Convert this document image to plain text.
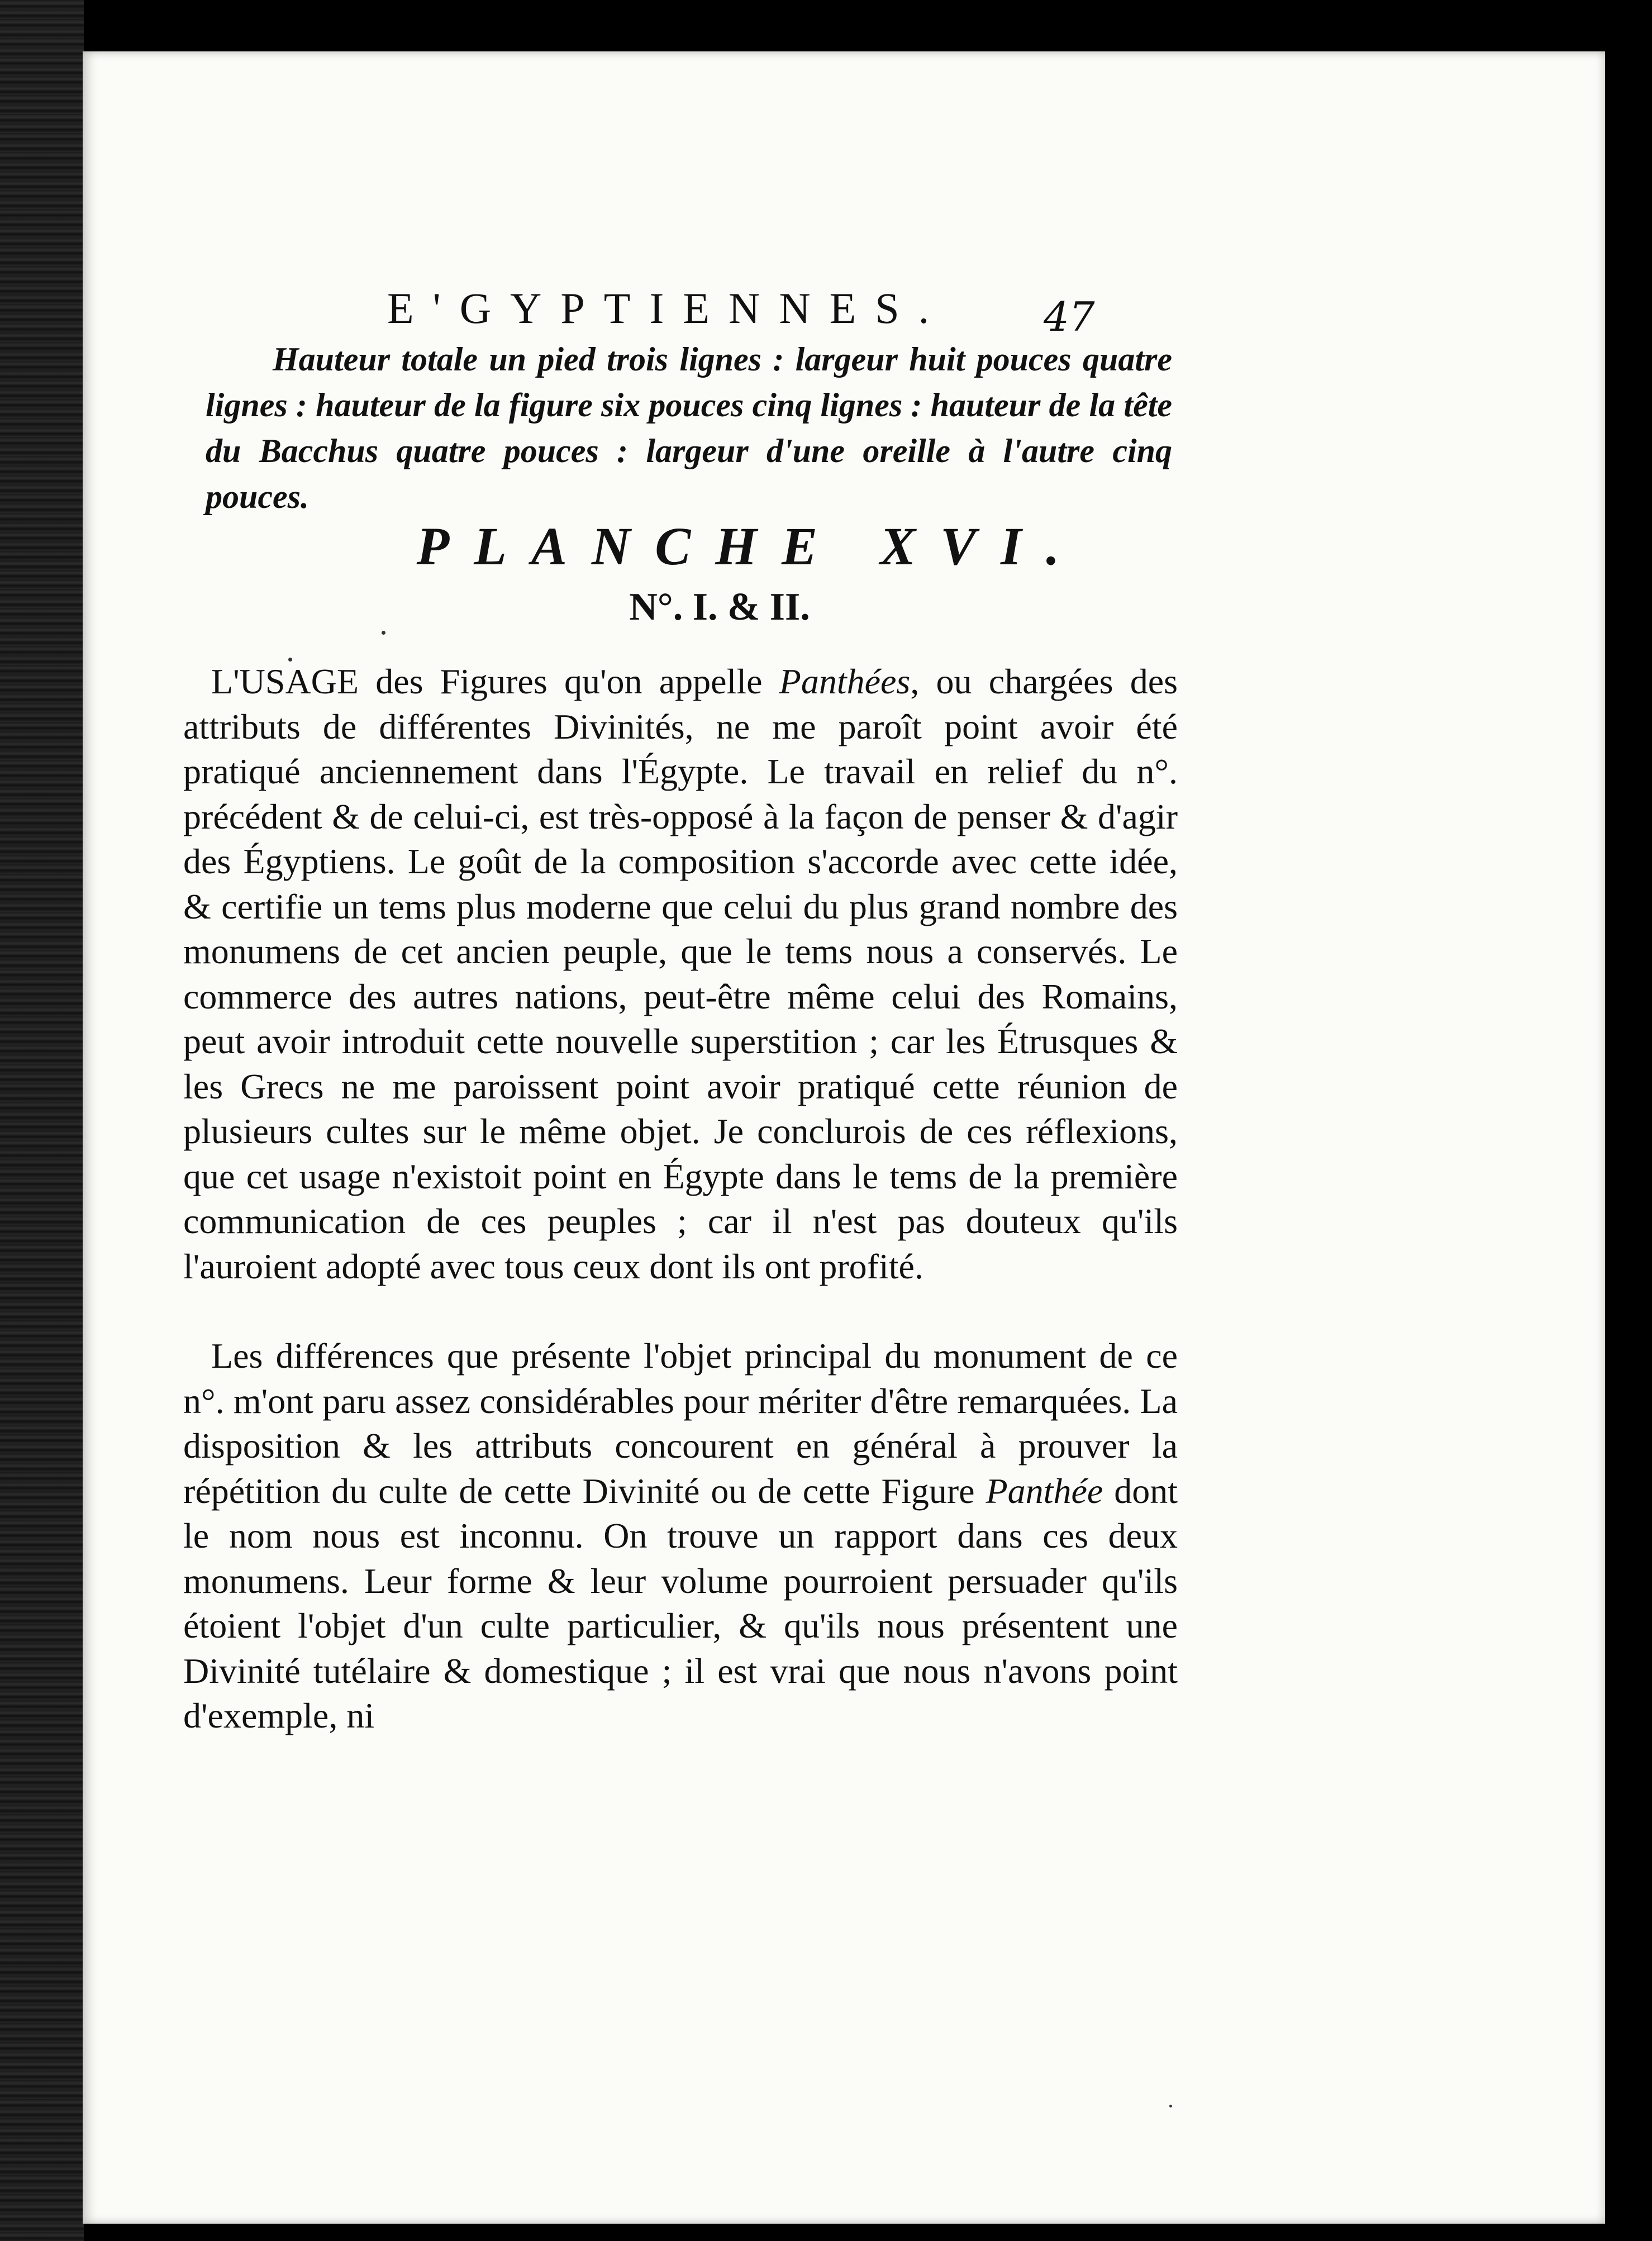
E'GYPTIENNES.	47

Hauteur totale un pied trois lignes : largeur huit pouces quatre lignes : hauteur de la figure six pouces cinq lignes : hauteur de la tête du Bacchus quatre pouces : largeur d'une oreille à l'autre cinq pouces.

PLANCHE XVI.
N°. I. & II.

L'USAGE des Figures qu'on appelle Panthées, ou chargées des attributs de différentes Divinités, ne me paroît point avoir été pratiqué anciennement dans l'Égypte. Le travail en relief du n°. précédent & de celui-ci, est très-opposé à la façon de penser & d'agir des Égyptiens. Le goût de la composition s'accorde avec cette idée, & certifie un tems plus moderne que celui du plus grand nombre des monumens de cet ancien peuple, que le tems nous a conservés. Le commerce des autres nations, peut-être même celui des Romains, peut avoir introduit cette nouvelle superstition ; car les Étrusques & les Grecs ne me paroissent point avoir pratiqué cette réunion de plusieurs cultes sur le même objet. Je conclurois de ces réflexions, que cet usage n'existoit point en Égypte dans le tems de la première communication de ces peuples ; car il n'est pas douteux qu'ils l'auroient adopté avec tous ceux dont ils ont profité.

Les différences que présente l'objet principal du monument de ce n°. m'ont paru assez considérables pour mériter d'être remarquées. La disposition & les attributs concourent en général à prouver la répétition du culte de cette Divinité ou de cette Figure Panthée dont le nom nous est inconnu. On trouve un rapport dans ces deux monumens. Leur forme & leur volume pourroient persuader qu'ils étoient l'objet d'un culte particulier, & qu'ils nous présentent une Divinité tutélaire & domestique ; il est vrai que nous n'avons point d'exemple, ni
